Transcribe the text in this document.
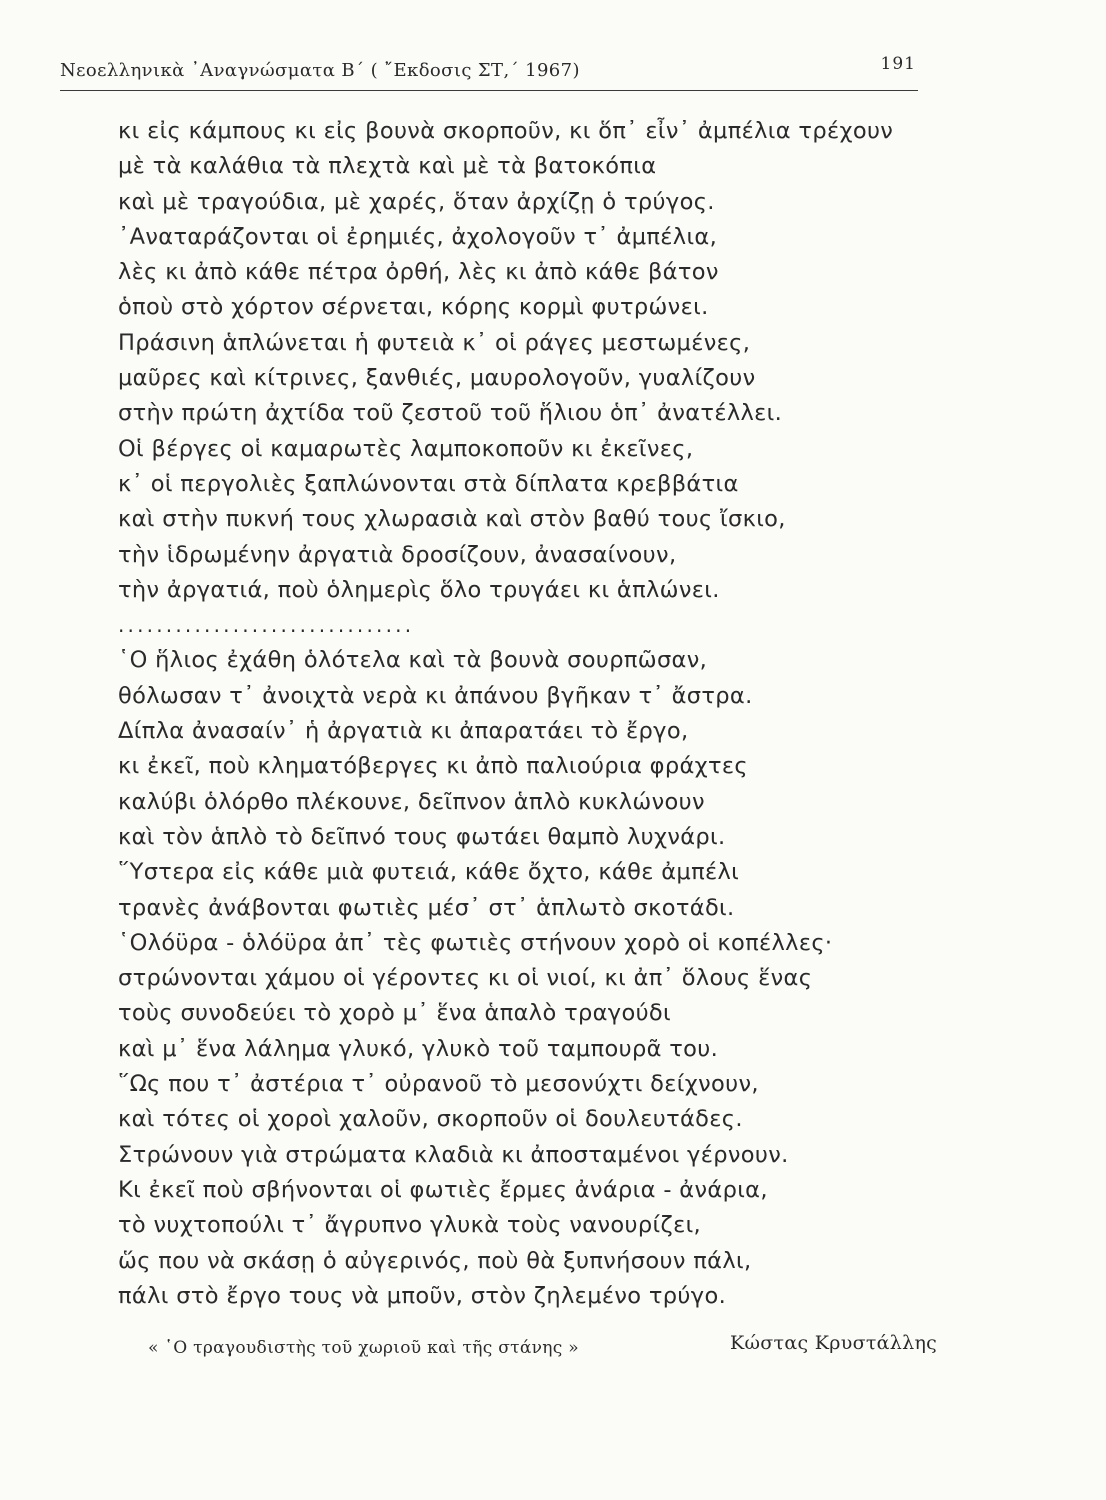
Νεοελληνικὰ ᾿Αναγνώσματα Β΄ ( ῎Εκδοσις ΣΤ,΄ 1967)	191
κι εἰς κάμπους κι εἰς βουνὰ σκορποῦν, κι ὅπ᾿ εἶν᾿ ἀμπέλια τρέχουν
μὲ τὰ καλάθια τὰ πλεχτὰ καὶ μὲ τὰ βατοκόπια
καὶ μὲ τραγούδια, μὲ χαρές, ὅταν ἀρχίζῃ ὁ τρύγος.
᾿Αναταράζονται οἱ ἐρημιές, ἀχολογοῦν τ᾿ ἀμπέλια,
λὲς κι ἀπὸ κάθε πέτρα ὀρθή, λὲς κι ἀπὸ κάθε βάτον
ὁποὺ στὸ χόρτον σέρνεται, κόρης κορμὶ φυτρώνει.
Πράσινη ἁπλώνεται ἡ φυτειὰ κ᾿ οἱ ράγες μεστωμένες,
μαῦρες καὶ κίτρινες, ξανθιές, μαυρολογοῦν, γυαλίζουν
στὴν πρώτη ἀχτίδα τοῦ ζεστοῦ τοῦ ἥλιου ὁπ᾿ ἀνατέλλει.
Οἱ βέργες οἱ καμαρωτὲς λαμποκοποῦν κι ἐκεῖνες,
κ᾿ οἱ περγολιὲς ξαπλώνονται στὰ δίπλατα κρεββάτια
καὶ στὴν πυκνή τους χλωρασιὰ καὶ στὸν βαθύ τους ἴσκιο,
τὴν ἱδρωμένην ἀργατιὰ δροσίζουν, ἀνασαίνουν,
τὴν ἀργατιά, ποὺ ὁλημερὶς ὅλο τρυγάει κι ἁπλώνει.
...............................
῾Ο ἥλιος ἐχάθη ὁλότελα καὶ τὰ βουνὰ σουρπῶσαν,
θόλωσαν τ᾿ ἀνοιχτὰ νερὰ κι ἀπάνου βγῆκαν τ᾿ ἄστρα.
Δίπλα ἀνασαίν᾿ ἡ ἀργατιὰ κι ἀπαρατάει τὸ ἔργο,
κι ἐκεῖ, ποὺ κληματόβεργες κι ἀπὸ παλιούρια φράχτες
καλύβι ὁλόρθο πλέκουνε, δεῖπνον ἁπλὸ κυκλώνουν
καὶ τὸν ἁπλὸ τὸ δεῖπνό τους φωτάει θαμπὸ λυχνάρι.
῞Υστερα εἰς κάθε μιὰ φυτειά, κάθε ὄχτο, κάθε ἀμπέλι
τρανὲς ἀνάβονται φωτιὲς μέσ᾿ στ᾿ ἁπλωτὸ σκοτάδι.
῾Ολόϋρα - ὁλόϋρα ἀπ᾿ τὲς φωτιὲς στήνουν χορὸ οἱ κοπέλλες·
στρώνονται χάμου οἱ γέροντες κι οἱ νιοί, κι ἀπ᾿ ὅλους ἕνας
τοὺς συνοδεύει τὸ χορὸ μ᾿ ἕνα ἁπαλὸ τραγούδι
καὶ μ᾿ ἕνα λάλημα γλυκό, γλυκὸ τοῦ ταμπουρᾶ του.
῞Ως που τ᾿ ἀστέρια τ᾿ οὐρανοῦ τὸ μεσονύχτι δείχνουν,
καὶ τότες οἱ χοροὶ χαλοῦν, σκορποῦν οἱ δουλευτάδες.
Στρώνουν γιὰ στρώματα κλαδιὰ κι ἀποσταμένοι γέρνουν.
Κι ἐκεῖ ποὺ σβήνονται οἱ φωτιὲς ἔρμες ἀνάρια - ἀνάρια,
τὸ νυχτοπούλι τ᾿ ἄγρυπνο γλυκὰ τοὺς νανουρίζει,
ὥς που νὰ σκάσῃ ὁ αὐγερινός, ποὺ θὰ ξυπνήσουν πάλι,
πάλι στὸ ἔργο τους νὰ μποῦν, στὸν ζηλεμένο τρύγο.
« ῾Ο τραγουδιστὴς τοῦ χωριοῦ καὶ τῆς στάνης »	Κώστας Κρυστάλλης
